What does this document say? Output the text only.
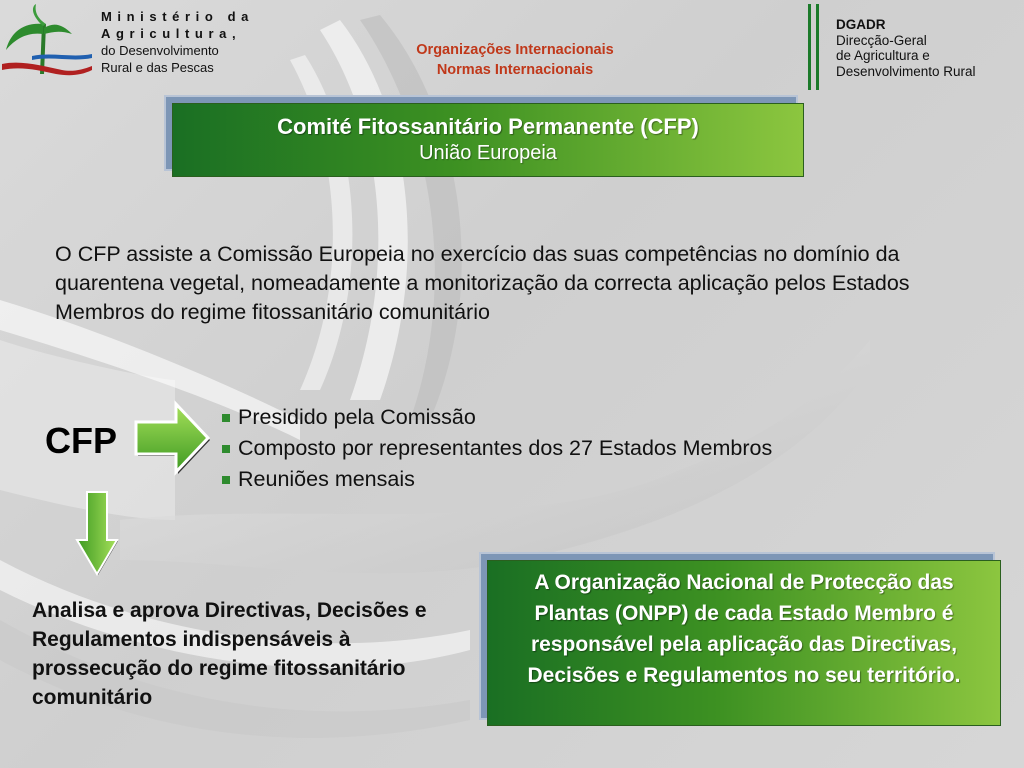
Ministério da
Agricultura,
do Desenvolvimento
Rural e das Pescas
Organizações Internacionais
Normas Internacionais
DGADR
Direcção-Geral
de Agricultura e
Desenvolvimento Rural
Comité Fitossanitário Permanente (CFP)
União Europeia
O CFP assiste a Comissão Europeia no exercício das suas competências no domínio da quarentena vegetal, nomeadamente a monitorização da correcta aplicação pelos Estados Membros do regime fitossanitário comunitário
CFP
Presidido pela Comissão
Composto por representantes dos 27 Estados Membros
Reuniões mensais
Analisa e aprova Directivas, Decisões e Regulamentos indispensáveis à prossecução do regime fitossanitário comunitário
A Organização Nacional de Protecção das Plantas (ONPP) de cada Estado Membro é responsável pela aplicação das Directivas, Decisões e Regulamentos no seu território.
